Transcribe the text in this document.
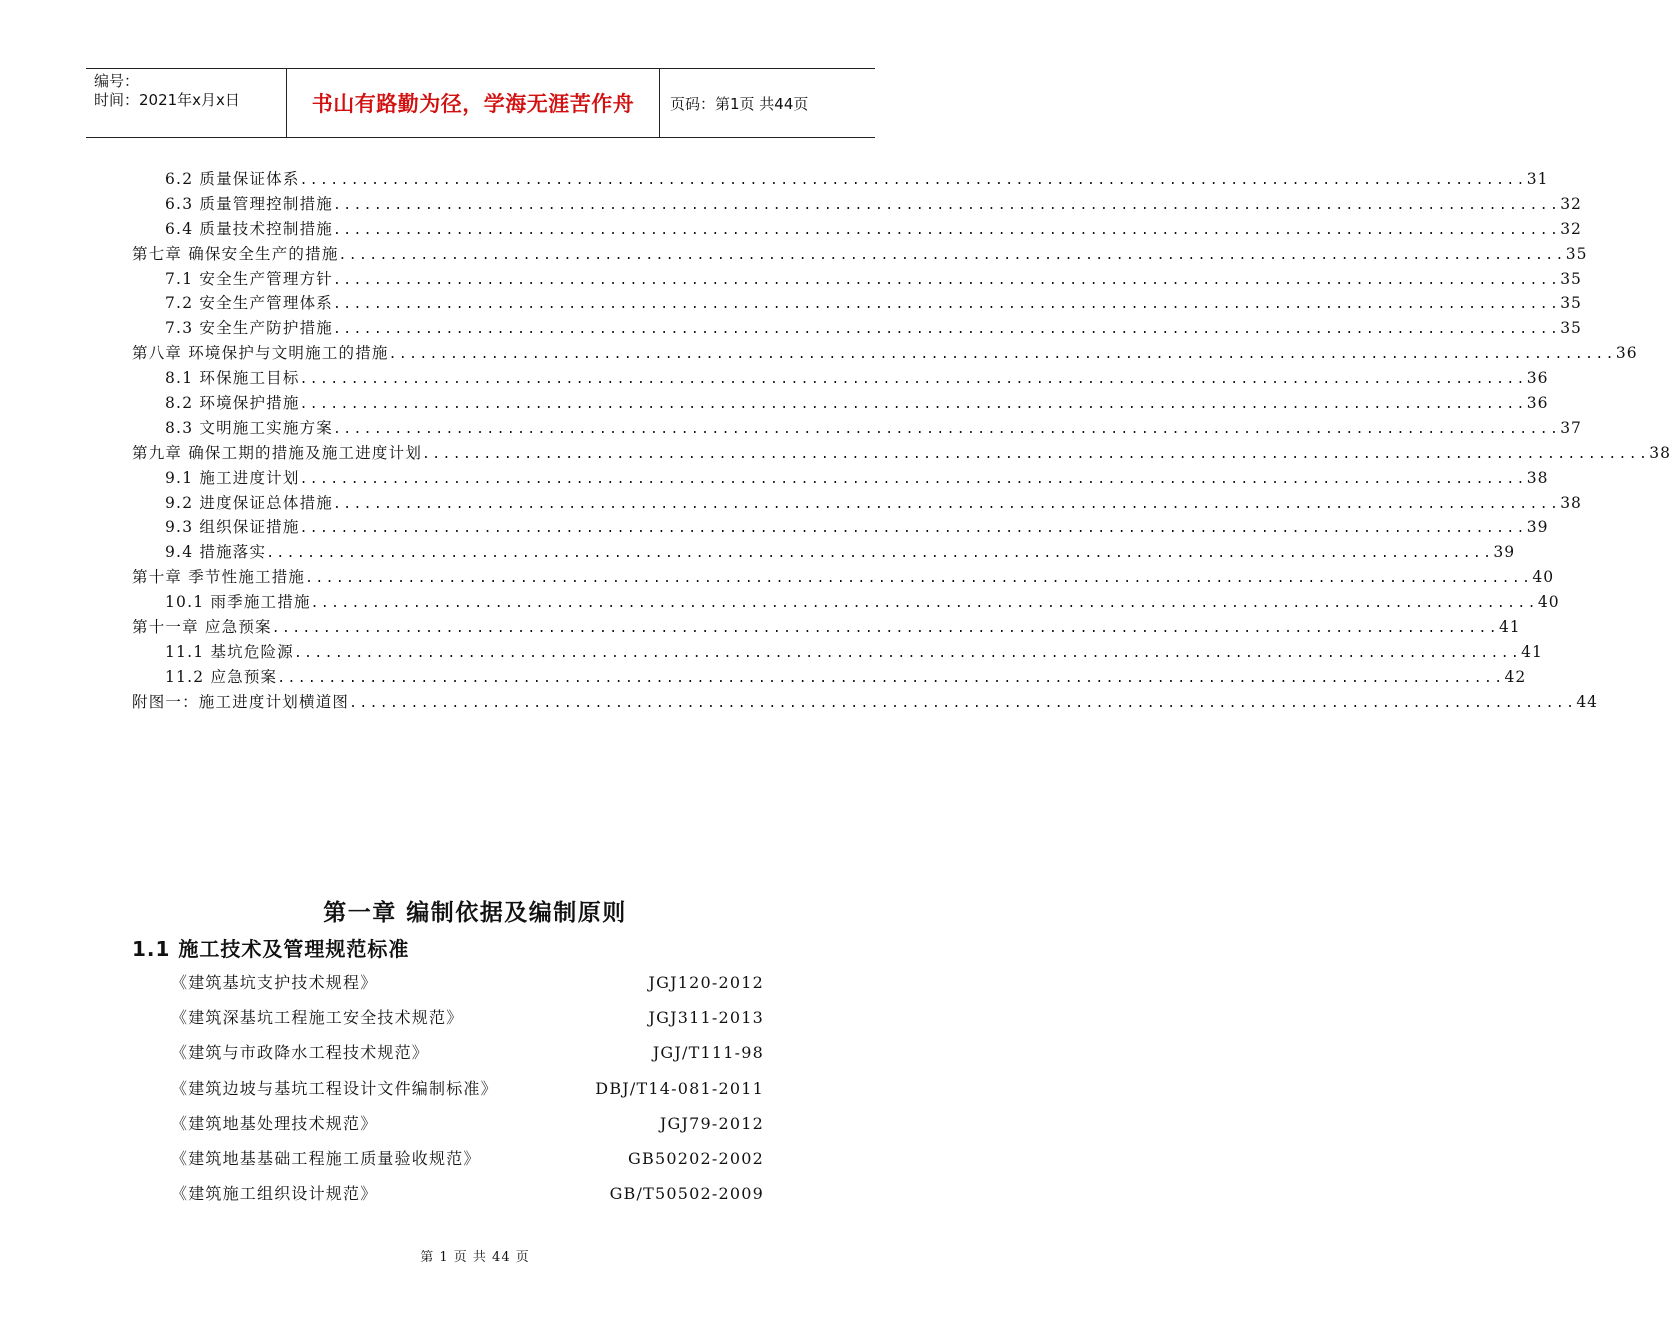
编号：
时间：2021年x月x日	书山有路勤为径，学海无涯苦作舟	页码：第1页 共44页
6.2 质量保证体系 ........................................................................................................................ 31
6.3 质量管理控制措施 ........................................................................................................................ 32
6.4 质量技术控制措施 ........................................................................................................................ 32
第七章 确保安全生产的措施 ........................................................................................................................ 35
7.1 安全生产管理方针 ........................................................................................................................ 35
7.2 安全生产管理体系 ........................................................................................................................ 35
7.3 安全生产防护措施 ........................................................................................................................ 35
第八章 环境保护与文明施工的措施 ........................................................................................................................ 36
8.1 环保施工目标 ........................................................................................................................ 36
8.2 环境保护措施 ........................................................................................................................ 36
8.3 文明施工实施方案 ........................................................................................................................ 37
第九章 确保工期的措施及施工进度计划 ........................................................................................................................ 38
9.1 施工进度计划 ........................................................................................................................ 38
9.2 进度保证总体措施 ........................................................................................................................ 38
9.3 组织保证措施 ........................................................................................................................ 39
9.4 措施落实 ........................................................................................................................ 39
第十章 季节性施工措施 ........................................................................................................................ 40
10.1 雨季施工措施 ........................................................................................................................ 40
第十一章 应急预案 ........................................................................................................................ 41
11.1 基坑危险源 ........................................................................................................................ 41
11.2 应急预案 ........................................................................................................................ 42
附图一：施工进度计划横道图 ........................................................................................................................ 44
第一章 编制依据及编制原则
1.1 施工技术及管理规范标准
《建筑基坑支护技术规程》	JGJ120-2012
《建筑深基坑工程施工安全技术规范》	JGJ311-2013
《建筑与市政降水工程技术规范》	JGJ/T111-98
《建筑边坡与基坑工程设计文件编制标准》	DBJ/T14-081-2011
《建筑地基处理技术规范》	JGJ79-2012
《建筑地基基础工程施工质量验收规范》	GB50202-2002
《建筑施工组织设计规范》	GB/T50502-2009
第 1 页 共 44 页
